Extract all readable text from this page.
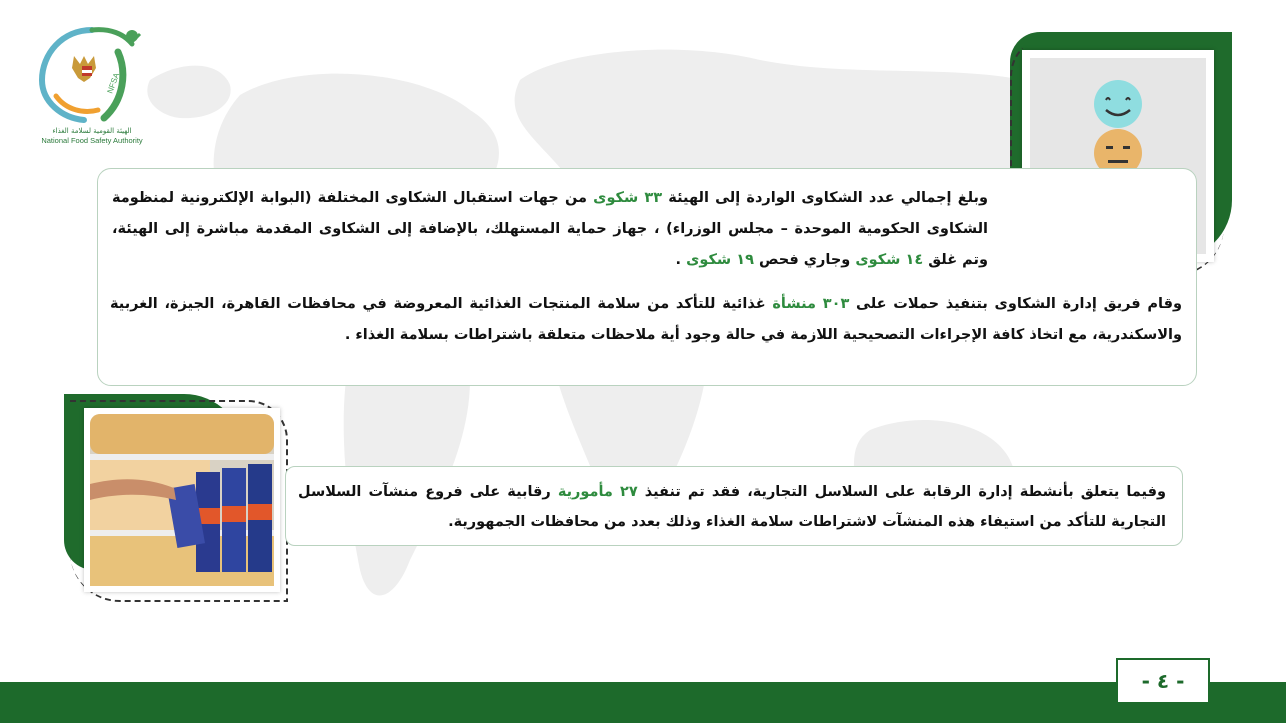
NFSA
الهيئة القومية لسلامة الغذاء
National Food Safety Authority
وبلغ إجمالي عدد الشكاوى الواردة إلى الهيئة ٣٣ شكوى من جهات استقبال الشكاوى المختلفة (البوابة الإلكترونية لمنظومة الشكاوى الحكومية الموحدة – مجلس الوزراء) ، جهاز حماية المستهلك، بالإضافة إلى الشكاوى المقدمة مباشرة إلى الهيئة، وتم غلق ١٤ شكوى وجاري فحص ١٩ شكوى .
وقام فريق إدارة الشكاوى بتنفيذ حملات على ٣٠٣ منشأة غذائية للتأكد من سلامة المنتجات الغذائية المعروضة في محافظات القاهرة، الجيزة، الغربية والاسكندرية، مع اتخاذ كافة الإجراءات التصحيحية اللازمة في حالة وجود أية ملاحظات متعلقة باشتراطات بسلامة الغذاء .
وفيما يتعلق بأنشطة إدارة الرقابة على السلاسل التجارية، فقد تم تنفيذ ٢٧ مأمورية رقابية على فروع منشآت السلاسل التجارية للتأكد من استيفاء هذه المنشآت لاشتراطات سلامة الغذاء وذلك بعدد من محافظات الجمهورية.
- ٤ -
